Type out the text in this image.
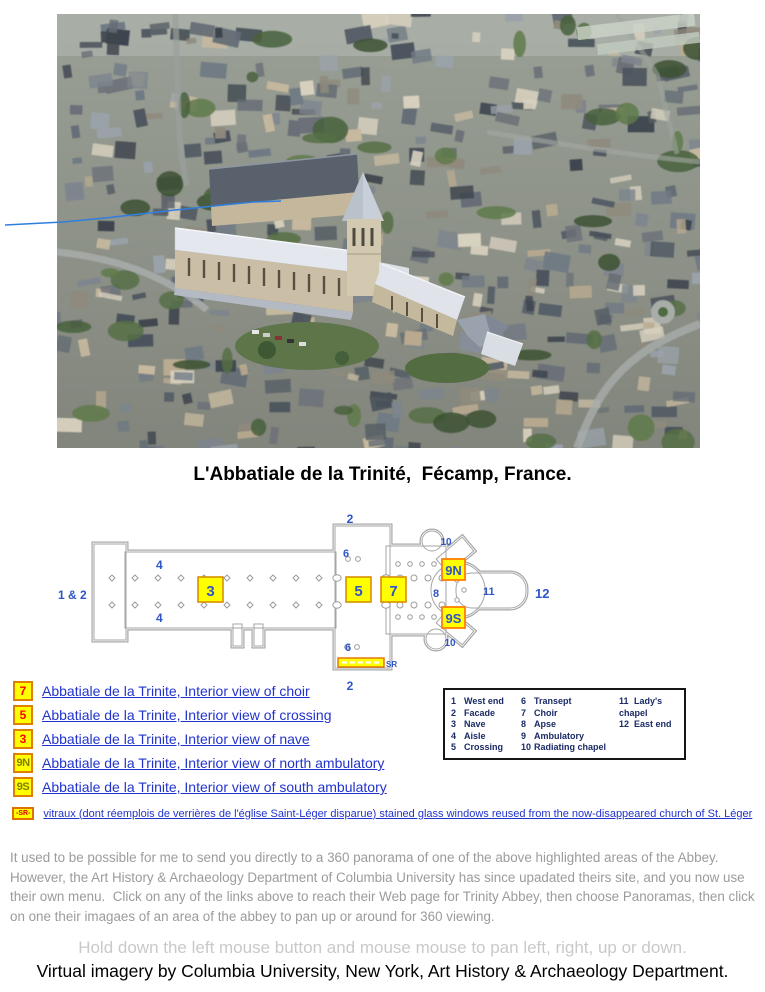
L'Abbatiale de la Trinité,  Fécamp, France.
SR
2
2
1 & 2
4
4
6
6
8
10
10
11	12
3	5 7
9N
9S
7	Abbatiale de la Trinite, Interior view of choir
5	Abbatiale de la Trinite, Interior view of crossing
3	Abbatiale de la Trinite, Interior view of nave
9N Abbatiale de la Trinite, Interior view of north ambulatory
9S Abbatiale de la Trinite, Interior view of south ambulatory
-SR-	vitraux (dont réemplois de verrières de l'église Saint-Léger disparue) stained glass windows reused from the now-disappeared church of St. Léger
1 West end
2 Facade
3 Nave
4 Aisle
5 Crossing
6 Transept
7 Choir
8 Apse
9 Ambulatory
10 Radiating chapel
11 Lady's chapel
12 East end

It used to be possible for me to send you directly to a 360 panorama of one of the above highlighted areas of the Abbey.  However, the Art History & Archaeology Department of Columbia University has since upadated theirs site, and you now use their own menu.  Click on any of the links above to reach their Web page for Trinity Abbey, then choose Panoramas, then click on one their imagaes of an area of the abbey to pan up or around for 360 viewing.

Hold down the left mouse button and mouse mouse to pan left, right, up or down.
Virtual imagery by Columbia University, New York, Art History & Archaeology Department.
